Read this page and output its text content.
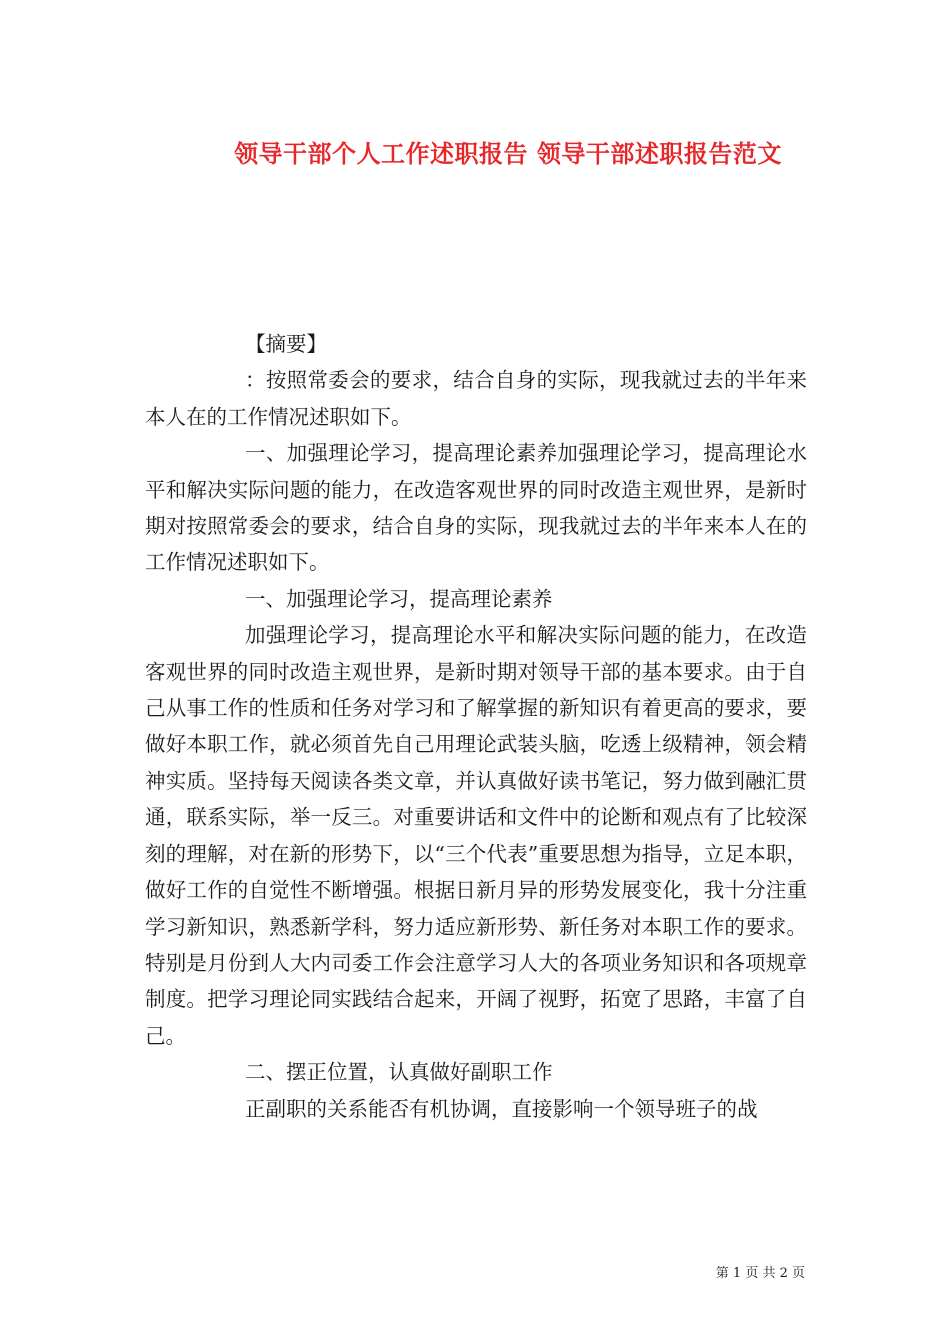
领导干部个人工作述职报告 领导干部述职报告范文

【摘要】

：按照常委会的要求，结合自身的实际，现我就过去的半年来本人在的工作情况述职如下。

一、加强理论学习，提高理论素养加强理论学习，提高理论水平和解决实际问题的能力，在改造客观世界的同时改造主观世界，是新时期对按照常委会的要求，结合自身的实际，现我就过去的半年来本人在的工作情况述职如下。

一、加强理论学习，提高理论素养

加强理论学习，提高理论水平和解决实际问题的能力，在改造客观世界的同时改造主观世界，是新时期对领导干部的基本要求。由于自己从事工作的性质和任务对学习和了解掌握的新知识有着更高的要求，要做好本职工作，就必须首先自己用理论武装头脑，吃透上级精神，领会精神实质。坚持每天阅读各类文章，并认真做好读书笔记，努力做到融汇贯通，联系实际，举一反三。对重要讲话和文件中的论断和观点有了比较深刻的理解，对在新的形势下，以“三个代表”重要思想为指导，立足本职，做好工作的自觉性不断增强。根据日新月异的形势发展变化，我十分注重学习新知识，熟悉新学科，努力适应新形势、新任务对本职工作的要求。特别是月份到人大内司委工作会注意学习人大的各项业务知识和各项规章制度。把学习理论同实践结合起来，开阔了视野，拓宽了思路，丰富了自己。

二、摆正位置，认真做好副职工作

正副职的关系能否有机协调，直接影响一个领导班子的战

第 1 页 共 2 页
